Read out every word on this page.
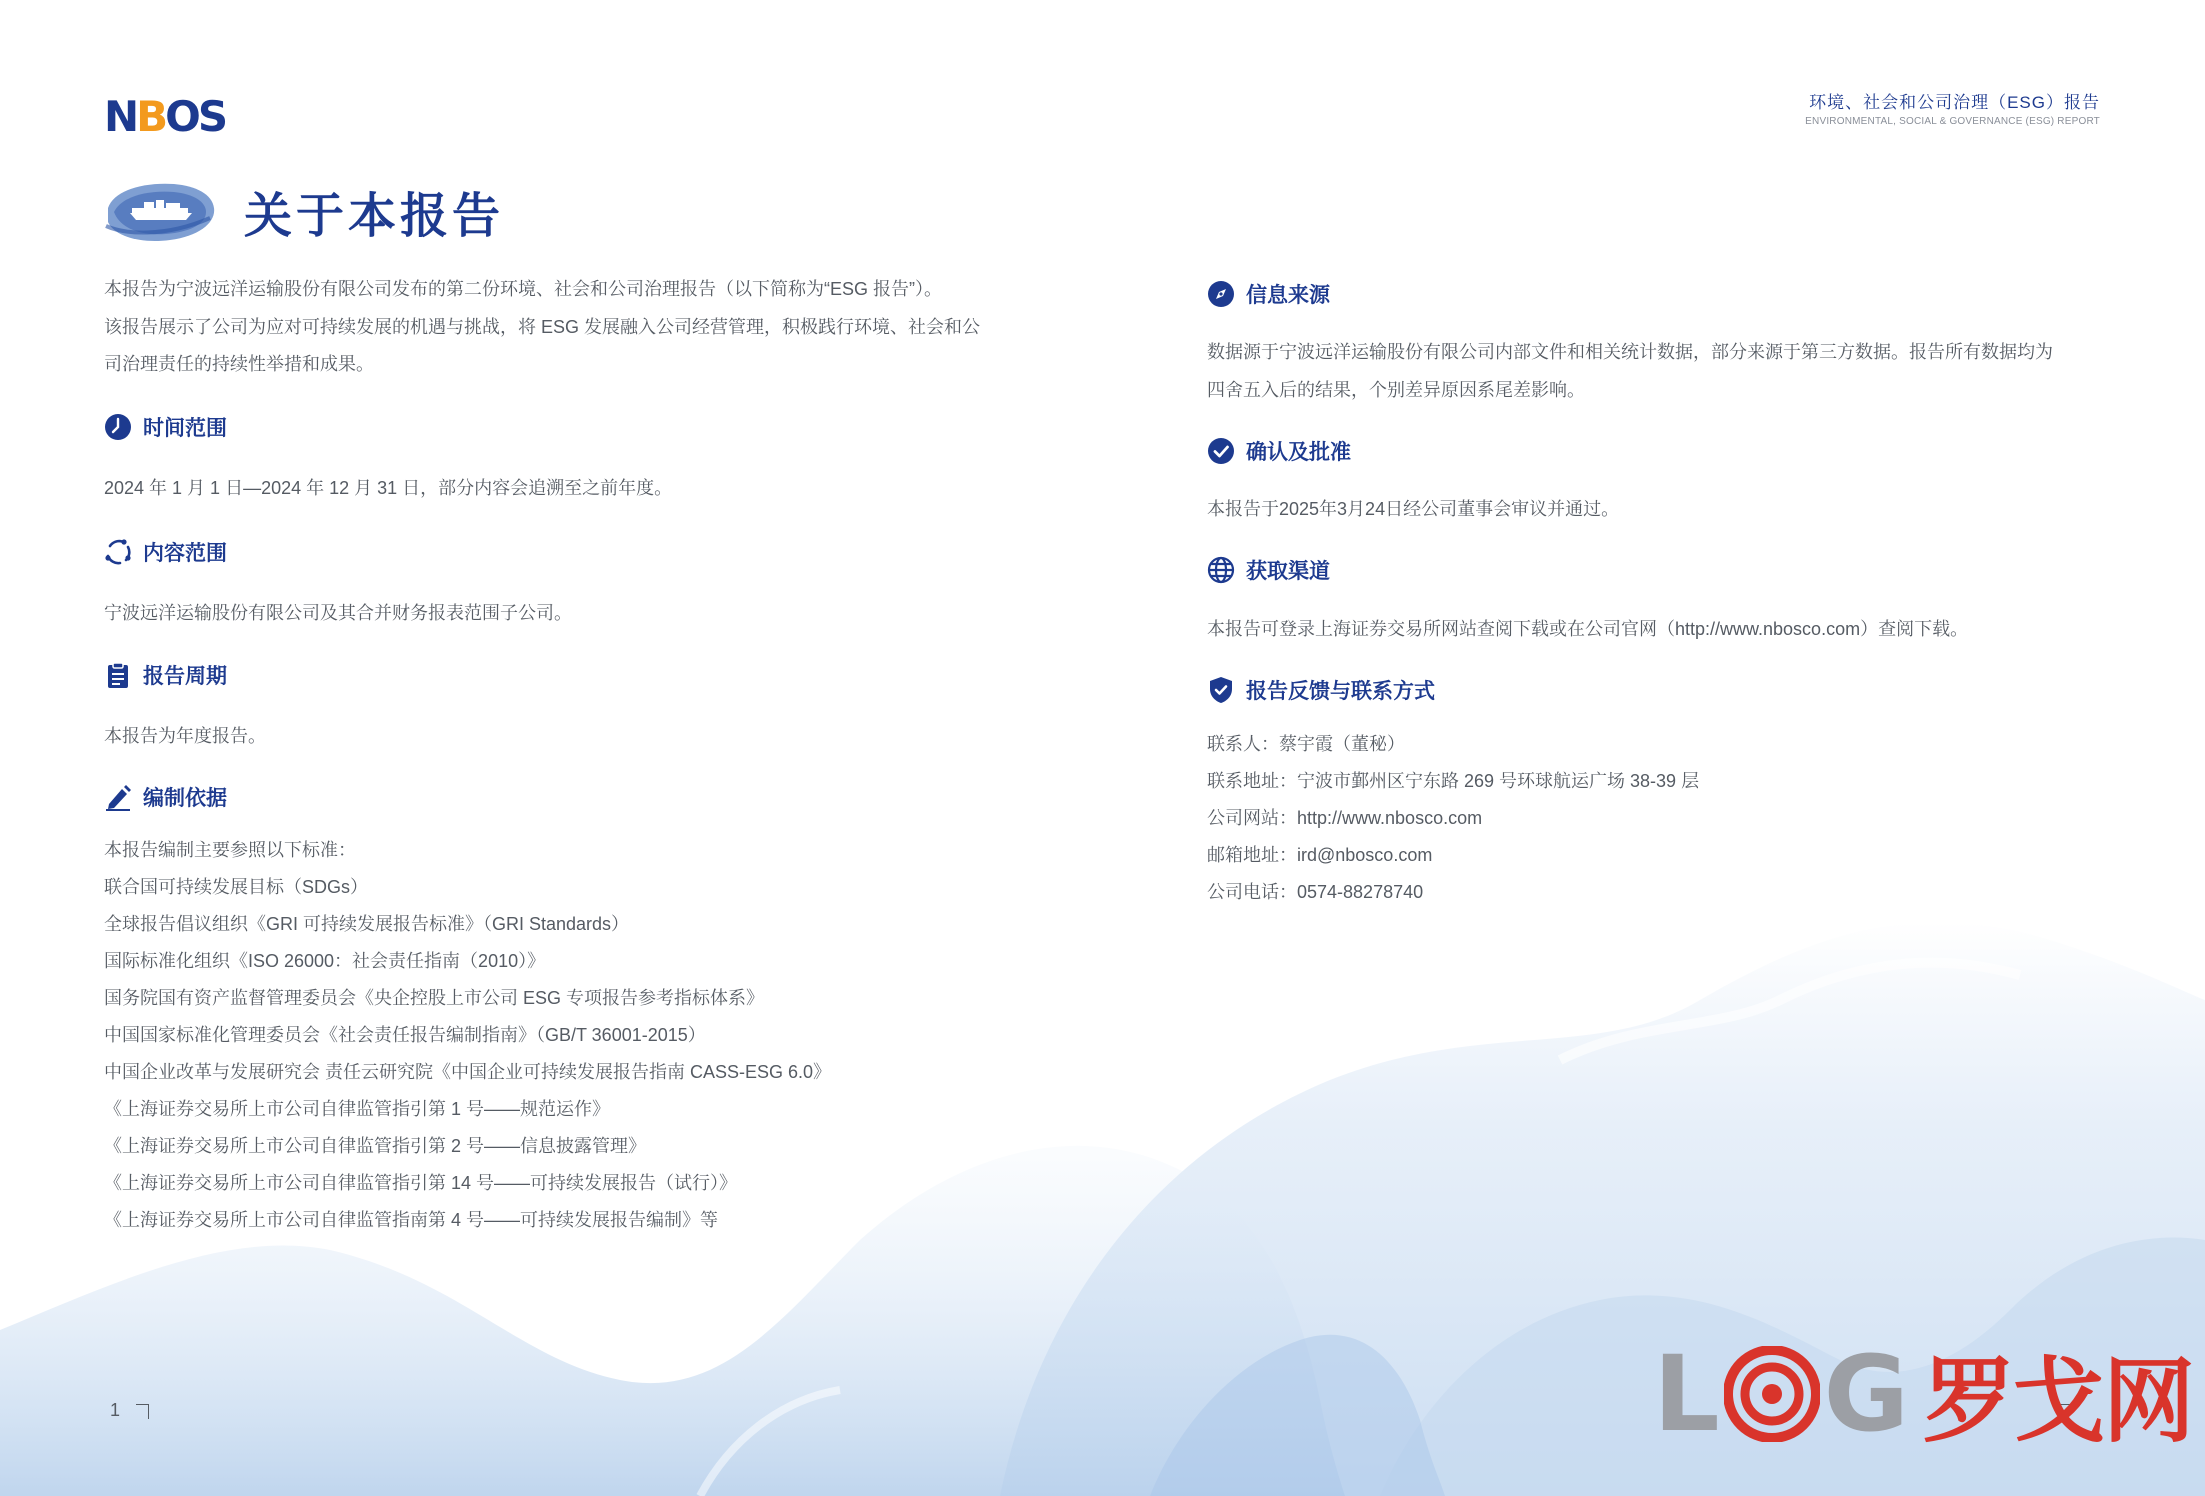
NBOS	环境、社会和公司治理（ESG）报告
ENVIRONMENTAL, SOCIAL & GOVERNANCE (ESG) REPORT
关于本报告

本报告为宁波远洋运输股份有限公司发布的第二份环境、社会和公司治理报告（以下简称为“ESG 报告”）。

该报告展示了公司为应对可持续发展的机遇与挑战，将 ESG 发展融入公司经营管理，积极践行环境、社会和公

司治理责任的持续性举措和成果。

时间范围

2024 年 1 月 1 日—2024 年 12 月 31 日，部分内容会追溯至之前年度。

内容范围

宁波远洋运输股份有限公司及其合并财务报表范围子公司。

报告周期

本报告为年度报告。

编制依据
本报告编制主要参照以下标准：
联合国可持续发展目标（SDGs）
全球报告倡议组织《GRI 可持续发展报告标准》（GRI Standards）
国际标准化组织《ISO 26000：社会责任指南（2010）》
国务院国有资产监督管理委员会《央企控股上市公司 ESG 专项报告参考指标体系》
中国国家标准化管理委员会《社会责任报告编制指南》（GB/T 36001-2015）
中国企业改革与发展研究会 责任云研究院《中国企业可持续发展报告指南 CASS-ESG 6.0》
《上海证券交易所上市公司自律监管指引第 1 号——规范运作》
《上海证券交易所上市公司自律监管指引第 2 号——信息披露管理》
《上海证券交易所上市公司自律监管指引第 14 号——可持续发展报告（试行）》
《上海证券交易所上市公司自律监管指南第 4 号——可持续发展报告编制》等
信息来源

数据源于宁波远洋运输股份有限公司内部文件和相关统计数据，部分来源于第三方数据。报告所有数据均为

四舍五入后的结果，个别差异原因系尾差影响。

确认及批准

本报告于2025年3月24日经公司董事会审议并通过。

获取渠道

本报告可登录上海证券交易所网站查阅下载或在公司官网（http://www.nbosco.com）查阅下载。

报告反馈与联系方式
联系人：蔡宇霞（董秘）
联系地址：宁波市鄞州区宁东路 269 号环球航运广场 38-39 层
公司网站：http://www.nbosco.com
邮箱地址：ird@nbosco.com
公司电话：0574-88278740
1	L G 罗戈网
